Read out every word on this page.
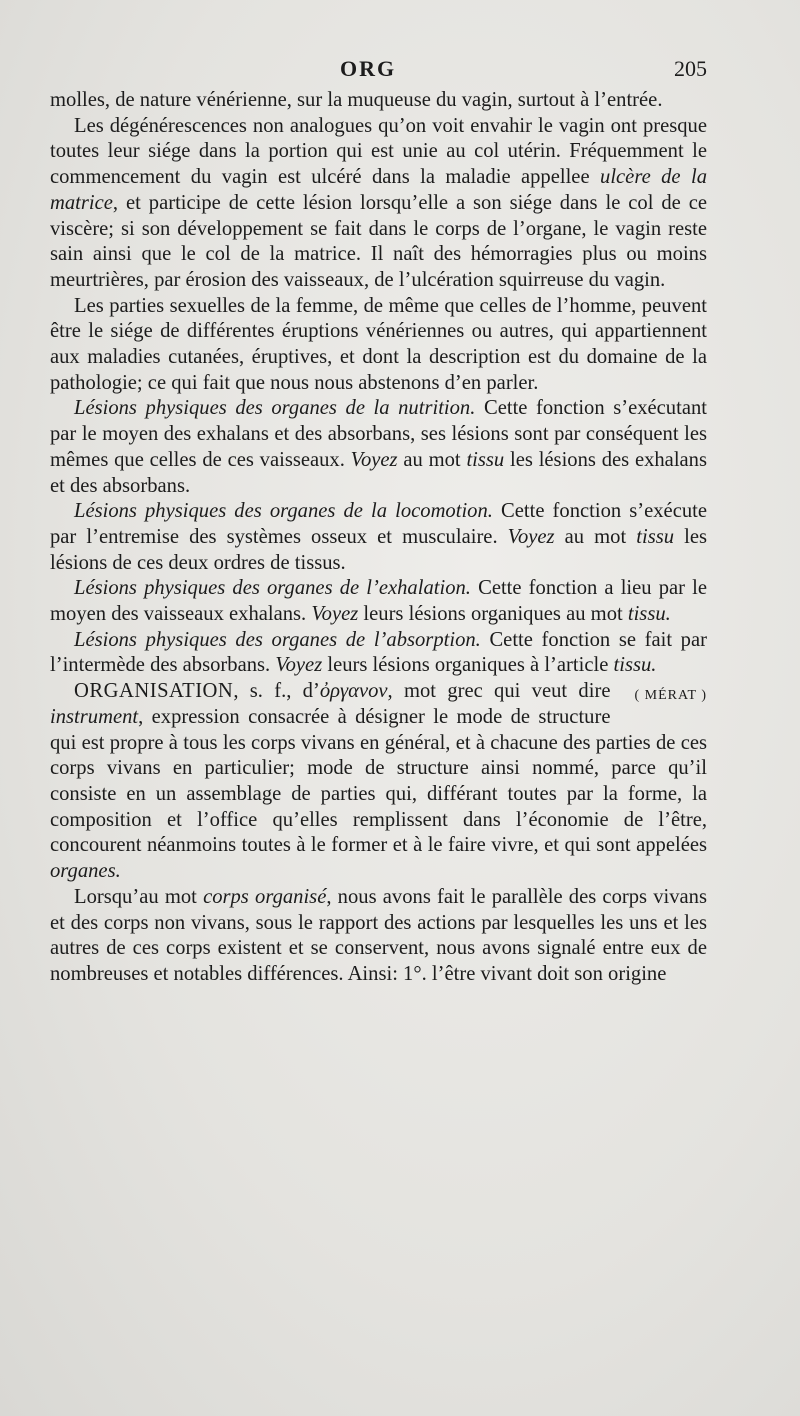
ORG	205

molles, de nature vénérienne, sur la muqueuse du vagin, surtout à l’entrée.

Les dégénérescences non analogues qu’on voit envahir le vagin ont presque toutes leur siége dans la portion qui est unie au col utérin. Fréquemment le commencement du vagin est ulcéré dans la maladie appellee ulcère de la matrice, et participe de cette lésion lorsqu’elle a son siége dans le col de ce viscère; si son développement se fait dans le corps de l’organe, le vagin reste sain ainsi que le col de la matrice. Il naît des hémorragies plus ou moins meurtrières, par érosion des vaisseaux, de l’ulcération squirreuse du vagin.

Les parties sexuelles de la femme, de même que celles de l’homme, peuvent être le siége de différentes éruptions vénériennes ou autres, qui appartiennent aux maladies cutanées, éruptives, et dont la description est du domaine de la pathologie; ce qui fait que nous nous abstenons d’en parler.

Lésions physiques des organes de la nutrition. Cette fonction s’exécutant par le moyen des exhalans et des absorbans, ses lésions sont par conséquent les mêmes que celles de ces vaisseaux. Voyez au mot tissu les lésions des exhalans et des absorbans.

Lésions physiques des organes de la locomotion. Cette fonction s’exécute par l’entremise des systèmes osseux et musculaire. Voyez au mot tissu les lésions de ces deux ordres de tissus.

Lésions physiques des organes de l’exhalation. Cette fonction a lieu par le moyen des vaisseaux exhalans. Voyez leurs lésions organiques au mot tissu.

Lésions physiques des organes de l’absorption. Cette fonction se fait par l’intermède des absorbans. Voyez leurs lésions organiques à l’article tissu.
( MÉRAT )

ORGANISATION, s. f., d’ὀργανον, mot grec qui veut dire instrument, expression consacrée à désigner le mode de structure qui est propre à tous les corps vivans en général, et à chacune des parties de ces corps vivans en particulier; mode de structure ainsi nommé, parce qu’il consiste en un assemblage de parties qui, différant toutes par la forme, la composition et l’office qu’elles remplissent dans l’économie de l’être, concourent néanmoins toutes à le former et à le faire vivre, et qui sont appelées organes.

Lorsqu’au mot corps organisé, nous avons fait le parallèle des corps vivans et des corps non vivans, sous le rapport des actions par lesquelles les uns et les autres de ces corps existent et se conservent, nous avons signalé entre eux de nombreuses et notables différences. Ainsi: 1°. l’être vivant doit son origine
